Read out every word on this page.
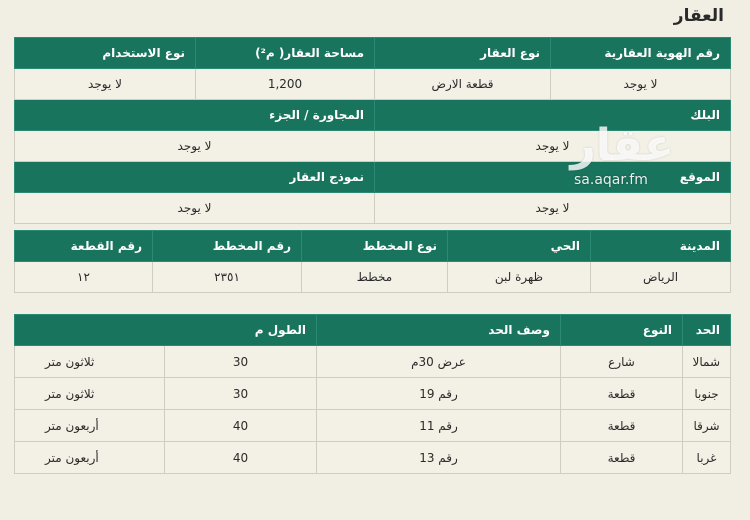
العقار
رقم الهوية العقارية	نوع العقار	مساحة العقار( م²)	نوع الاستخدام
لا يوجد	قطعة الارض	1,200	لا يوجد
البلك		المجاورة / الجزء	
لا يوجد		لا يوجد	
الموقع		نموذج العقار	
لا يوجد		لا يوجد	
المدينة	الحي	نوع المخطط	رقم المخطط	رقم القطعة
الرياض	ظهرة لبن	مخطط	٢٣٥١	١٢
الحد	النوع	وصف الحد	الطول م	
شمالا	شارع	عرض 30م	30	ثلاثون متر
جنوبا	قطعة	رقم 19	30	ثلاثون متر
شرقا	قطعة	رقم 11	40	أربعون متر
غربا	قطعة	رقم 13	40	أربعون متر
عقار
sa.aqar.fm
